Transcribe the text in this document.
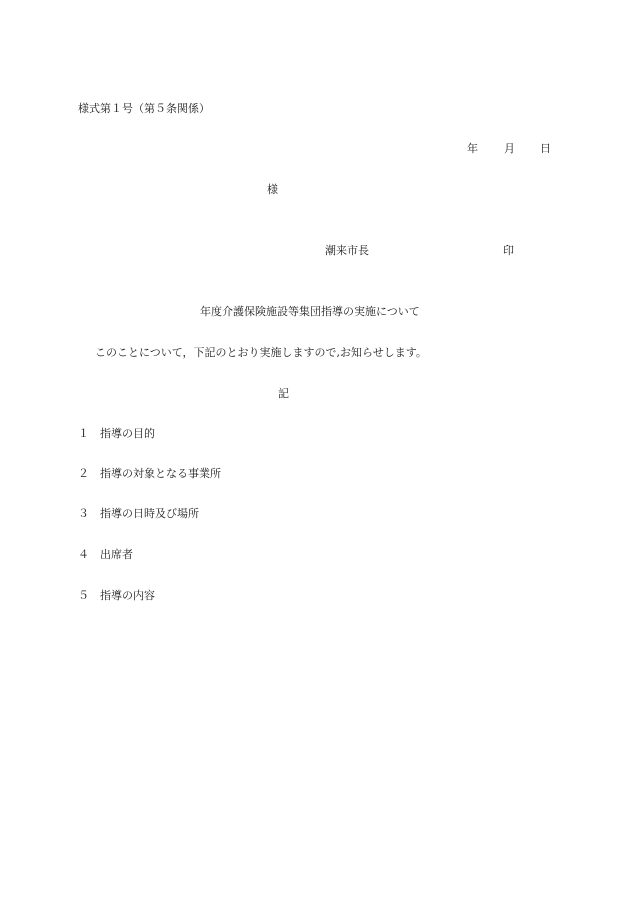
様式第１号（第５条関係）
年 月 日
様
潮来市長	印
年度介護保険施設等集団指導の実施について
このことについて，下記のとおり実施しますので,お知らせします。
記
１ 指導の目的
２ 指導の対象となる事業所
３ 指導の日時及び場所
４ 出席者
５ 指導の内容
